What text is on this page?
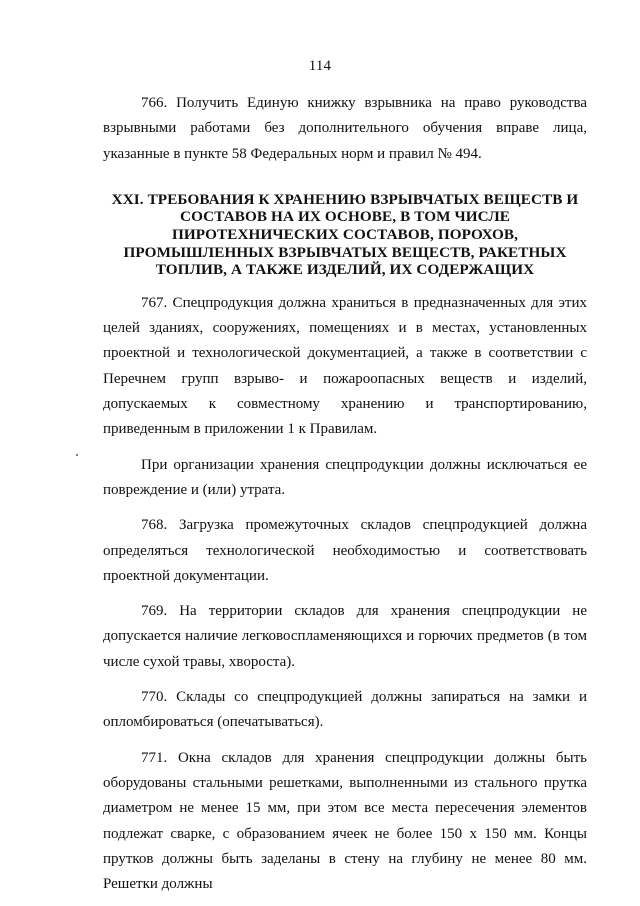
114

766. Получить Единую книжку взрывника на право руководства взрывными работами без дополнительного обучения вправе лица, указанные в пункте 58 Федеральных норм и правил № 494.

XXI. ТРЕБОВАНИЯ К ХРАНЕНИЮ ВЗРЫВЧАТЫХ ВЕЩЕСТВ И СОСТАВОВ НА ИХ ОСНОВЕ, В ТОМ ЧИСЛЕ ПИРОТЕХНИЧЕСКИХ СОСТАВОВ, ПОРОХОВ, ПРОМЫШЛЕННЫХ ВЗРЫВЧАТЫХ ВЕЩЕСТВ, РАКЕТНЫХ ТОПЛИВ, А ТАКЖЕ ИЗДЕЛИЙ, ИХ СОДЕРЖАЩИХ

767. Спецпродукция должна храниться в предназначенных для этих целей зданиях, сооружениях, помещениях и в местах, установленных проектной и технологической документацией, а также в соответствии с Перечнем групп взрыво- и пожароопасных веществ и изделий, допускаемых к совместному хранению и транспортированию, приведенным в приложении 1 к Правилам.

При организации хранения спецпродукции должны исключаться ее повреждение и (или) утрата.

768. Загрузка промежуточных складов спецпродукцией должна определяться технологической необходимостью и соответствовать проектной документации.

769. На территории складов для хранения спецпродукции не допускается наличие легковоспламеняющихся и горючих предметов (в том числе сухой травы, хвороста).

770. Склады со спецпродукцией должны запираться на замки и опломбироваться (опечатываться).

771. Окна складов для хранения спецпродукции должны быть оборудованы стальными решетками, выполненными из стального прутка диаметром не менее 15 мм, при этом все места пересечения элементов подлежат сварке, с образованием ячеек не более 150 х 150 мм. Концы прутков должны быть заделаны в стену на глубину не менее 80 мм. Решетки должны
